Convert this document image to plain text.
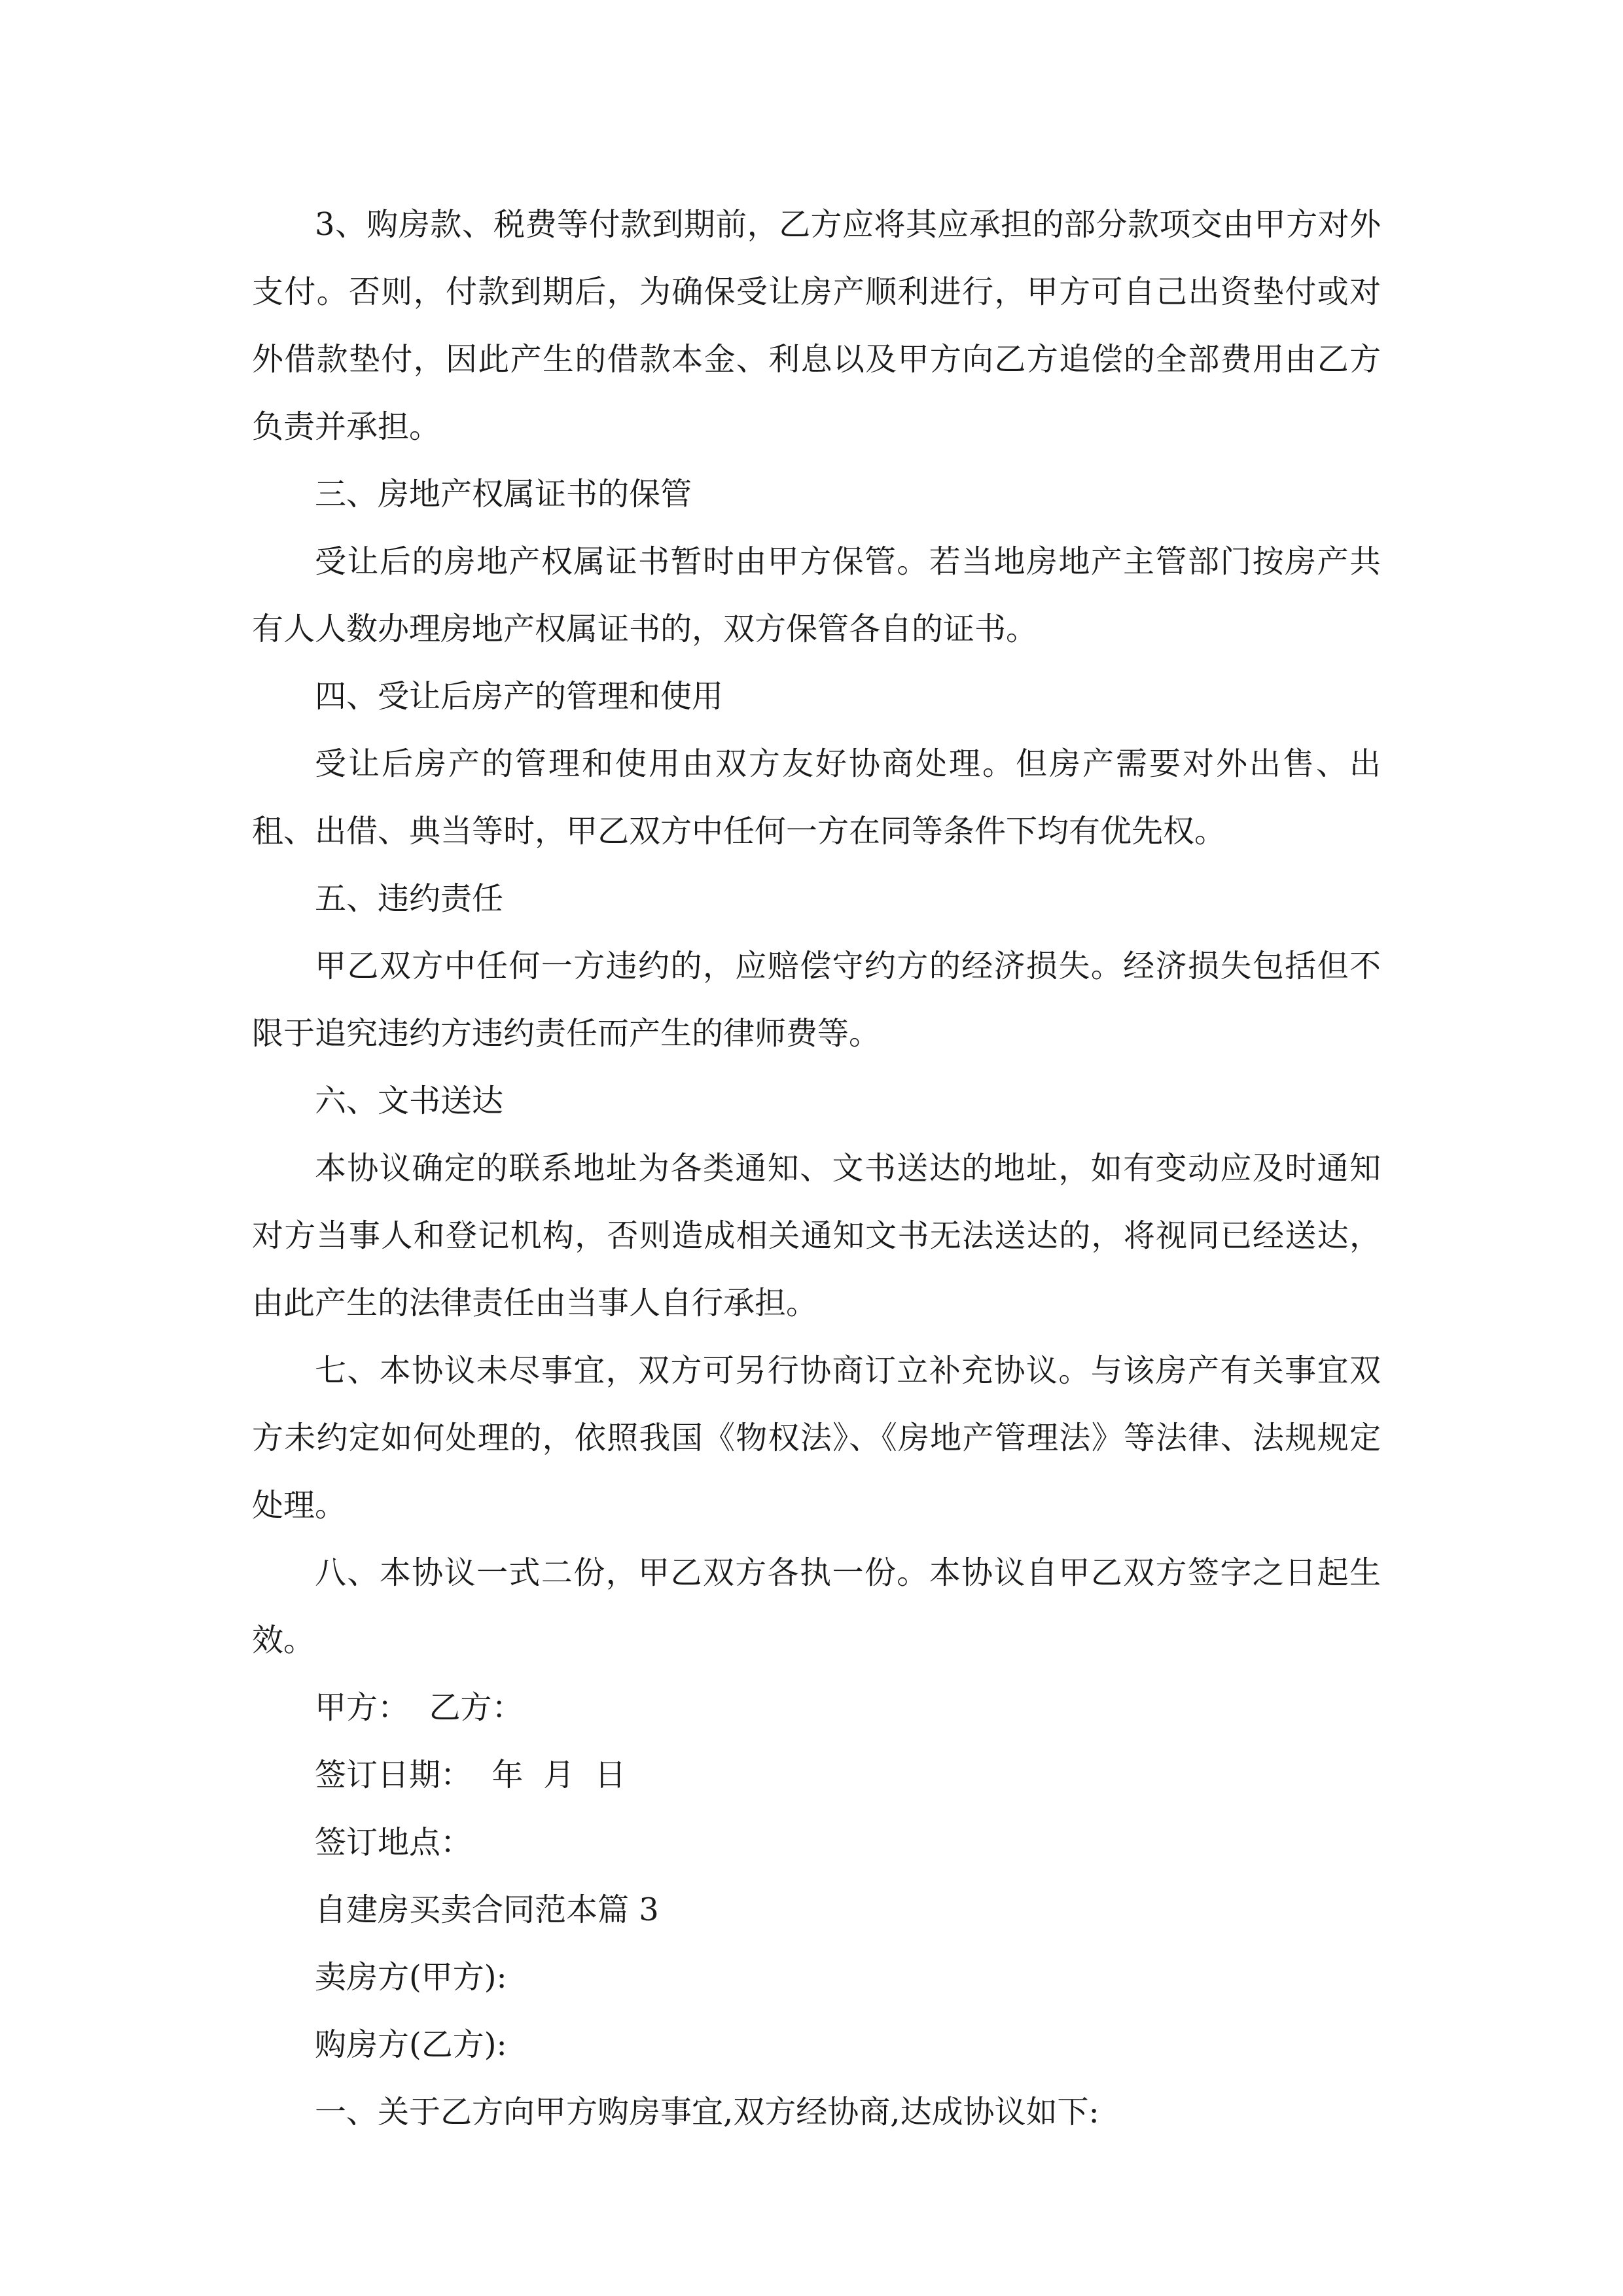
3、购房款、税费等付款到期前，乙方应将其应承担的部分款项交由甲方对外支付。否则，付款到期后，为确保受让房产顺利进行，甲方可自己出资垫付或对外借款垫付，因此产生的借款本金、利息以及甲方向乙方追偿的全部费用由乙方负责并承担。

三、房地产权属证书的保管

受让后的房地产权属证书暂时由甲方保管。若当地房地产主管部门按房产共有人人数办理房地产权属证书的，双方保管各自的证书。

四、受让后房产的管理和使用

受让后房产的管理和使用由双方友好协商处理。但房产需要对外出售、出租、出借、典当等时，甲乙双方中任何一方在同等条件下均有优先权。

五、违约责任

甲乙双方中任何一方违约的，应赔偿守约方的经济损失。经济损失包括但不限于追究违约方违约责任而产生的律师费等。

六、文书送达

本协议确定的联系地址为各类通知、文书送达的地址，如有变动应及时通知对方当事人和登记机构，否则造成相关通知文书无法送达的，将视同已经送达，由此产生的法律责任由当事人自行承担。

七、本协议未尽事宜，双方可另行协商订立补充协议。与该房产有关事宜双方未约定如何处理的，依照我国《物权法》、《房地产管理法》等法律、法规规定处理。

八、本协议一式二份，甲乙双方各执一份。本协议自甲乙双方签字之日起生效。

甲方：  乙方：

签订日期：  年  月  日

签订地点：

自建房买卖合同范本篇 3

卖房方(甲方):

购房方(乙方):

一、关于乙方向甲方购房事宜,双方经协商,达成协议如下:
